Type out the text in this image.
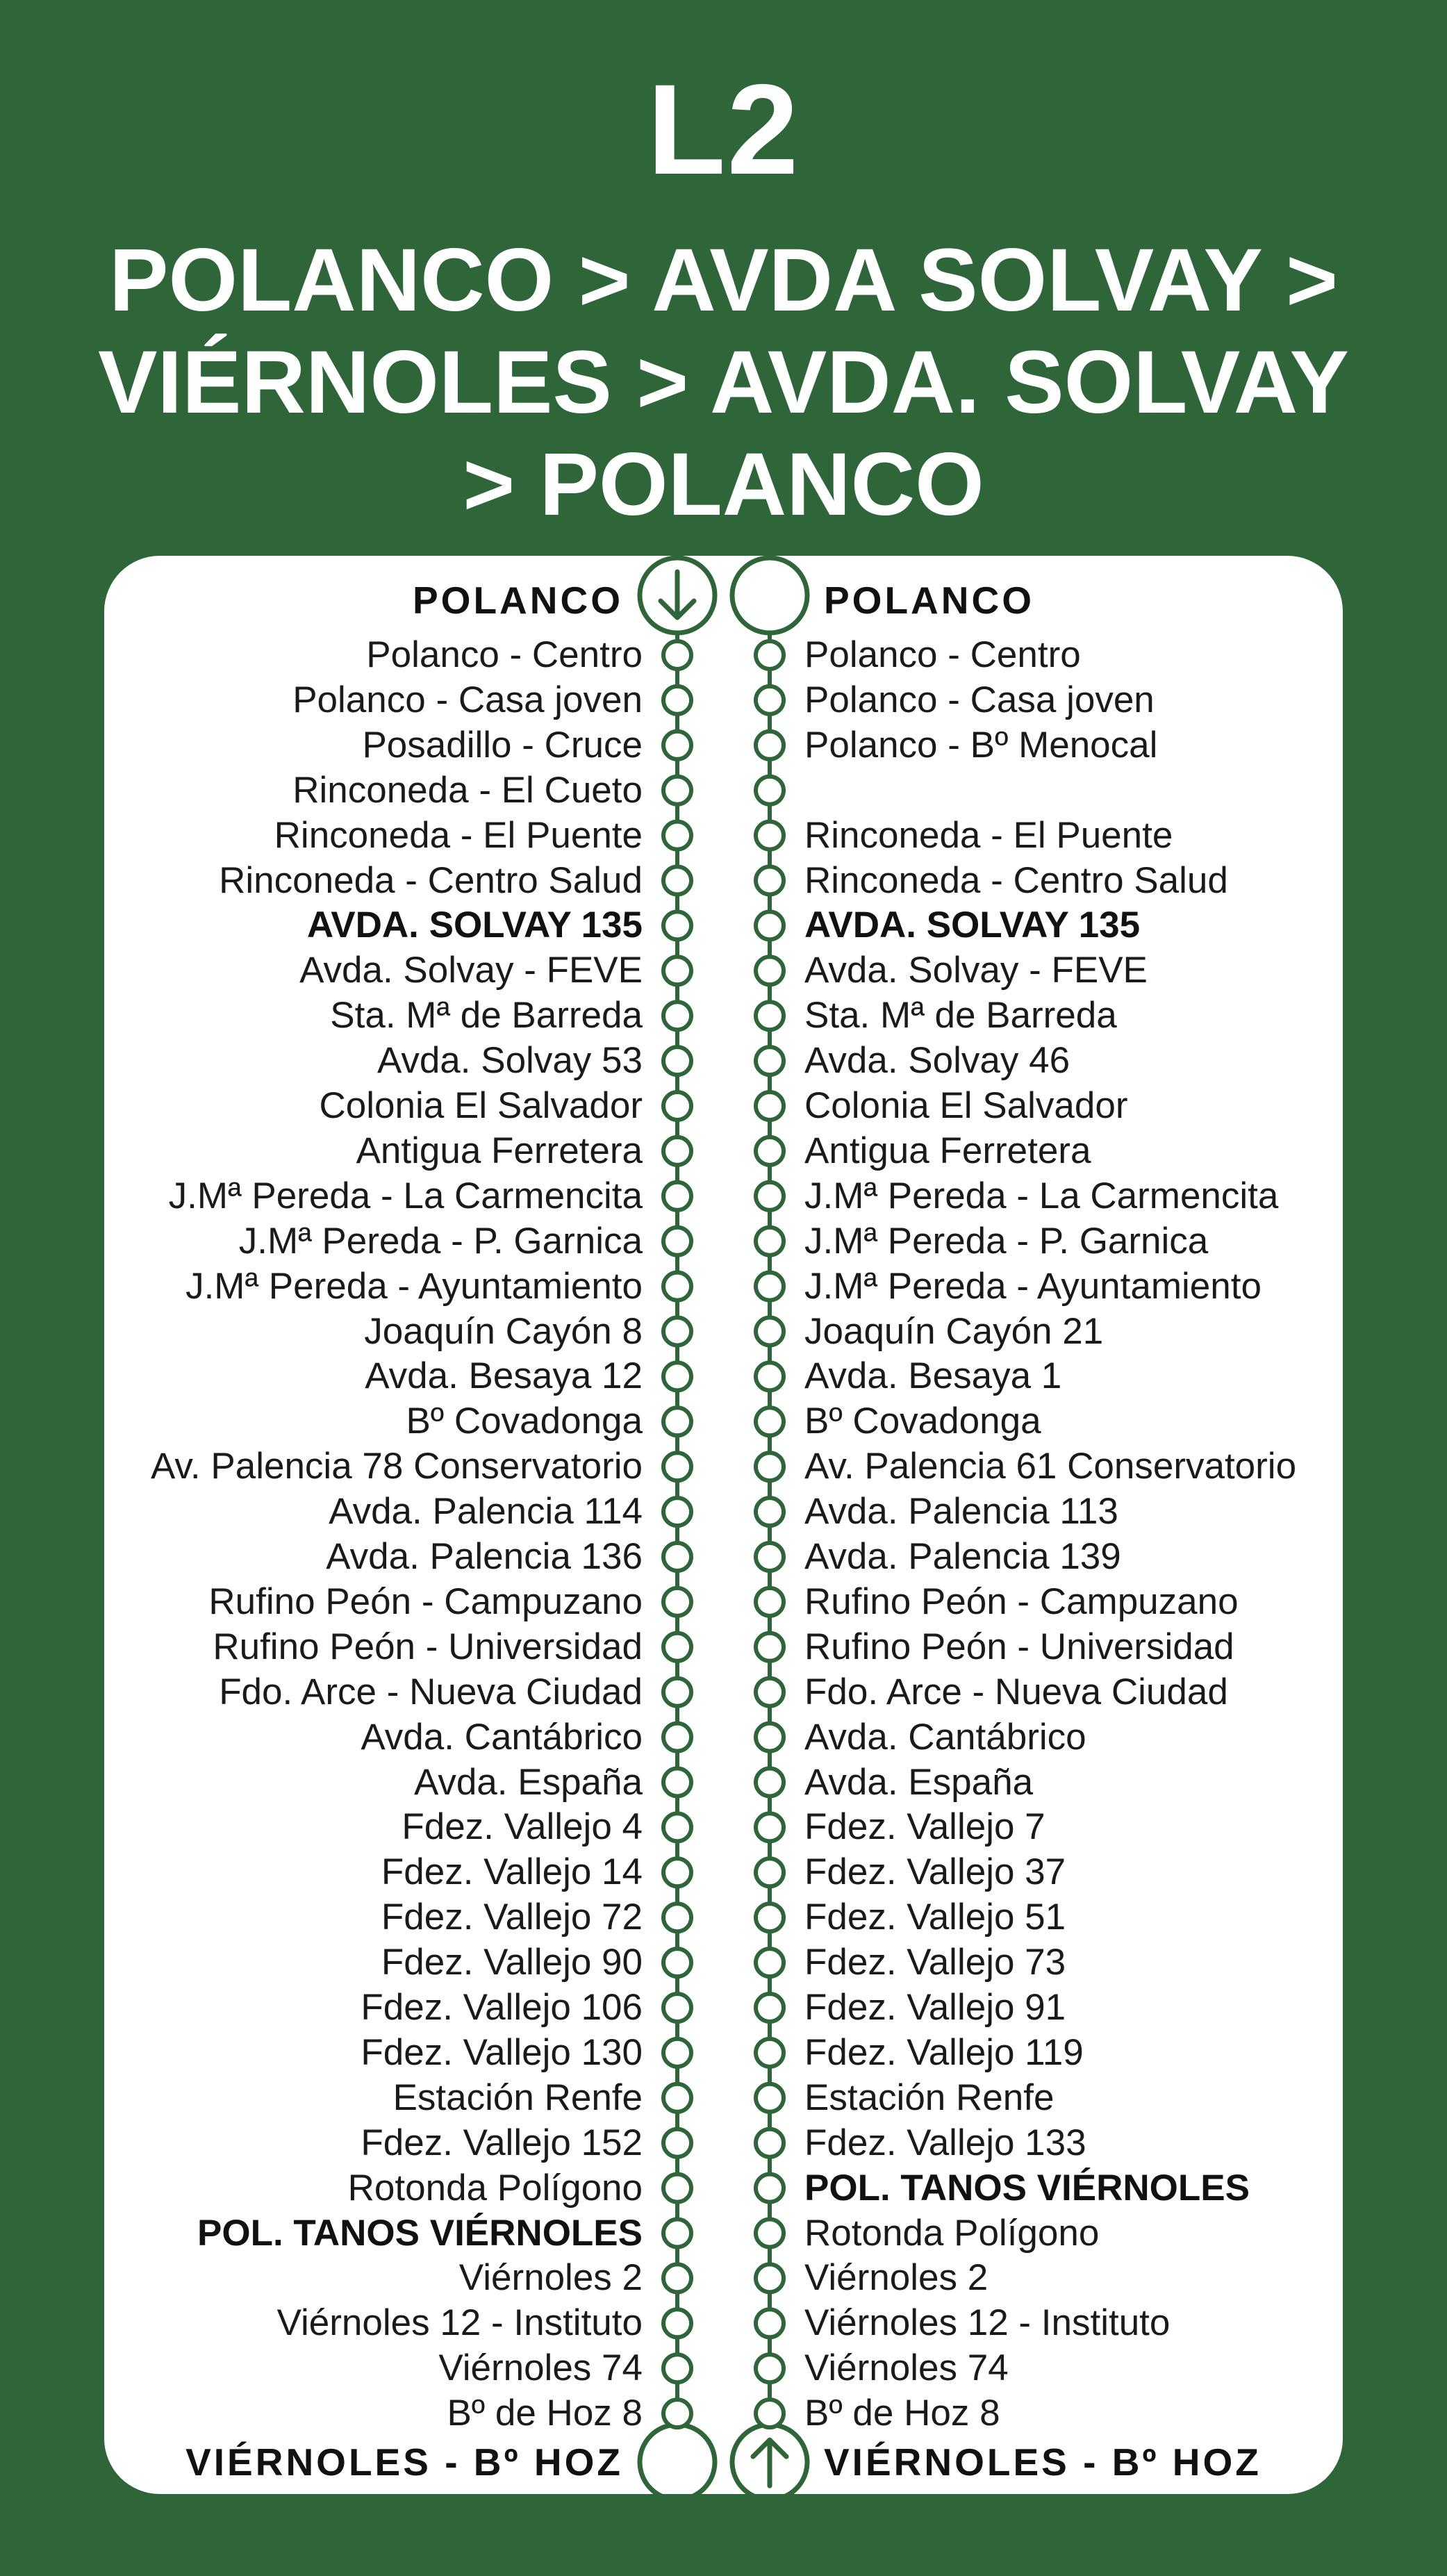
L2
POLANCO > AVDA SOLVAY >
VIÉRNOLES > AVDA. SOLVAY
> POLANCO
POLANCO	POLANCO
VIÉRNOLES - Bº HOZ	VIÉRNOLES - Bº HOZ
Polanco - Centro
Polanco - Casa joven
Posadillo - Cruce
Rinconeda - El Cueto
Rinconeda - El Puente
Rinconeda - Centro Salud
AVDA. SOLVAY 135
Avda. Solvay - FEVE
Sta. Mª de Barreda
Avda. Solvay 53
Colonia El Salvador
Antigua Ferretera
J.Mª Pereda - La Carmencita
J.Mª Pereda - P. Garnica
J.Mª Pereda - Ayuntamiento
Joaquín Cayón 8
Avda. Besaya 12
Bº Covadonga
Av. Palencia 78 Conservatorio
Avda. Palencia 114
Avda. Palencia 136
Rufino Peón - Campuzano
Rufino Peón - Universidad
Fdo. Arce - Nueva Ciudad
Avda. Cantábrico
Avda. España
Fdez. Vallejo 4
Fdez. Vallejo 14
Fdez. Vallejo 72
Fdez. Vallejo 90
Fdez. Vallejo 106
Fdez. Vallejo 130
Estación Renfe
Fdez. Vallejo 152
Rotonda Polígono
POL. TANOS VIÉRNOLES
Viérnoles 2
Viérnoles 12 - Instituto
Viérnoles 74
Bº de Hoz 8
Polanco - Centro
Polanco - Casa joven
Polanco - Bº Menocal
Rinconeda - El Puente
Rinconeda - Centro Salud
AVDA. SOLVAY 135
Avda. Solvay - FEVE
Sta. Mª de Barreda
Avda. Solvay 46
Colonia El Salvador
Antigua Ferretera
J.Mª Pereda - La Carmencita
J.Mª Pereda - P. Garnica
J.Mª Pereda - Ayuntamiento
Joaquín Cayón 21
Avda. Besaya 1
Bº Covadonga
Av. Palencia 61 Conservatorio
Avda. Palencia 113
Avda. Palencia 139
Rufino Peón - Campuzano
Rufino Peón - Universidad
Fdo. Arce - Nueva Ciudad
Avda. Cantábrico
Avda. España
Fdez. Vallejo 7
Fdez. Vallejo 37
Fdez. Vallejo 51
Fdez. Vallejo 73
Fdez. Vallejo 91
Fdez. Vallejo 119
Estación Renfe
Fdez. Vallejo 133
POL. TANOS VIÉRNOLES
Rotonda Polígono
Viérnoles 2
Viérnoles 12 - Instituto
Viérnoles 74
Bº de Hoz 8
